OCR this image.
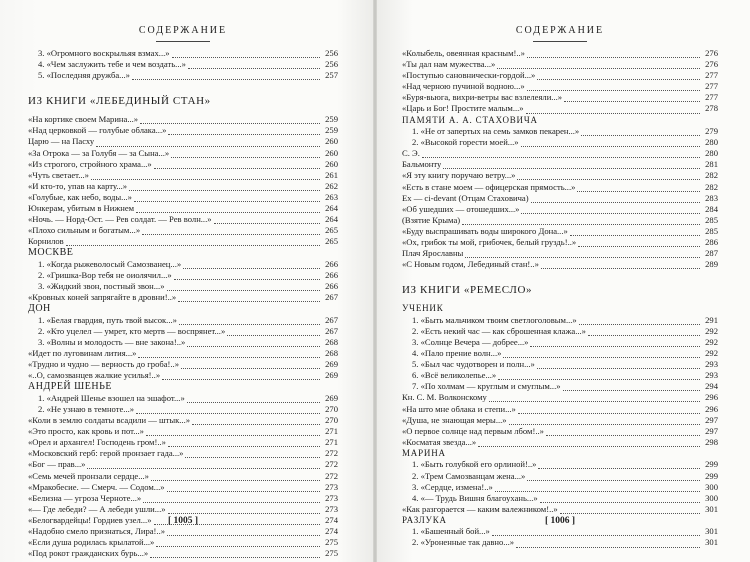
СОДЕРЖАНИЕ
3. «Огромного воскрыльяя взмах...»	256
4. «Чем заслужить тебе и чем воздать...»	256
5. «Последняя дружба...»	257
ИЗ КНИГИ «ЛЕБЕДИНЫЙ СТАН»
«На кортике своем Марина...»	259
«Над церковкой — голубые облака...»	259
Царю — на Пасху	260
«За Отрока — за Голубя — за Сына...»	260
«Из строгого, стройного храма...»	260
«Чуть светает...»	261
«И кто-то, упав на карту...»	262
«Голубые, как небо, воды...»	263
Юнкерам, убитым в Нижнем	264
«Ночь. — Норд-Ост. — Рев солдат. — Рев волн...»	264
«Плохо сильным и богатым...»	265
Корнилов	265
МОСКВЕ
1. «Когда рыжеволосый Самозванец...»	266
2. «Гришка-Вор тебя не оиолячил...»	266
3. «Жидкий звон, постный звон...»	266
«Кровных коней запрягайте в дровни!..»	267
ДОН
1. «Белая гвардия, путь твой высок...»	267
2. «Кто уцелел — умрет, кто мертв — воспрянет...»	267
3. «Волны и молодость — вне закона!..»	268
«Идет по луговинам лития...»	268
«Трудно и чудно — верность до гроба!..»	269
«..О, самозванцев жалкие усилья!..»	269
АНДРЕЙ ШЕНЬЕ
1. «Андрей Шенье взошел на эшафот...»	269
2. «Не узнаю в темноте...»	270
«Коли в землю солдаты всадили — штык...»	270
«Это просто, как кровь и пот...»	271
«Орел и архангел! Господень гром!..»	271
«Московский герб: герой пронзает гада...»	272
«Бог — прав...»	272
«Семь мечей пронзали сердце...»	272
«Мракобесие. — Смерч. — Содом...»	273
«Белизна — угроза Черноте...»	273
«— Где лебеди? — А лебеди ушли...»	273
«Белогвардейцы! Гордиев узел...»	274
«Надобно смело признаться, Лира!..»	274
«Если душа родилась крылатой...»	275
«Под рокот гражданских бурь...»	275
[ 1005 ]
СОДЕРЖАНИЕ
«Колыбель, овеянная красным!..»	276
«Ты дал нам мужества...»	276
«Поступью сановнически-гордой...»	277
«Над черною пучиной водною...»	277
«Буря-вьюга, вихри-ветры вас взлелеяли...»	277
«Царь и Бог! Простите малым...»	278
ПАМЯТИ А. А. СТАХОВИЧА
1. «Не от запертых на семь замков пекарен...»	279
2. «Высокой горести моей...»	280
С. Э.	280
Бальмонту	281
«Я эту книгу поручаю ветру...»	282
«Есть в стане моем — офицерская прямость...»	282
Ex — ci-devant (Отцам Стаховича)	283
«Об ушедших — отошедших...»	284
(Взятие Крыма)	285
«Буду выспрашивать воды широкого Дона...»	285
«Ох, грибок ты мой, грибочек, белый груздь!..»	286
Плач Ярославны	287
«С Новым годом, Лебединый стан!..»	289
ИЗ КНИГИ «РЕМЕСЛО»
УЧЕНИК
1. «Быть мальчиком твоим светлоголовым...»	291
2. «Есть некий час — как сброшенная клажа...»	292
3. «Солнце Вечера — добрее...»	292
4. «Пало прение волн...»	292
5. «Был час чудотворен и полн...»	293
6. «Всё великолепье...»	293
7. «По холмам — круглым и смуглым...»	294
Кн. С. М. Волконскому	296
«На што мне облака и степи...»	296
«Душа, не знающая меры...»	297
«О первое солнце над первым лбом!..»	297
«Косматая звезда...»	298
МАРИНА
1. «Быть голубкой его орлиной!..»	299
2. «Трем Самозванцам жена...»	299
3. «Сердце, измена!..»	300
4. «— Трудь Вишня благоухань...»	300
«Как разгорается — каким валежником!..»	301
РАЗЛУКА
1. «Башенный бой...»	301
2. «Уроненные так давно...»	301
[ 1006 ]
